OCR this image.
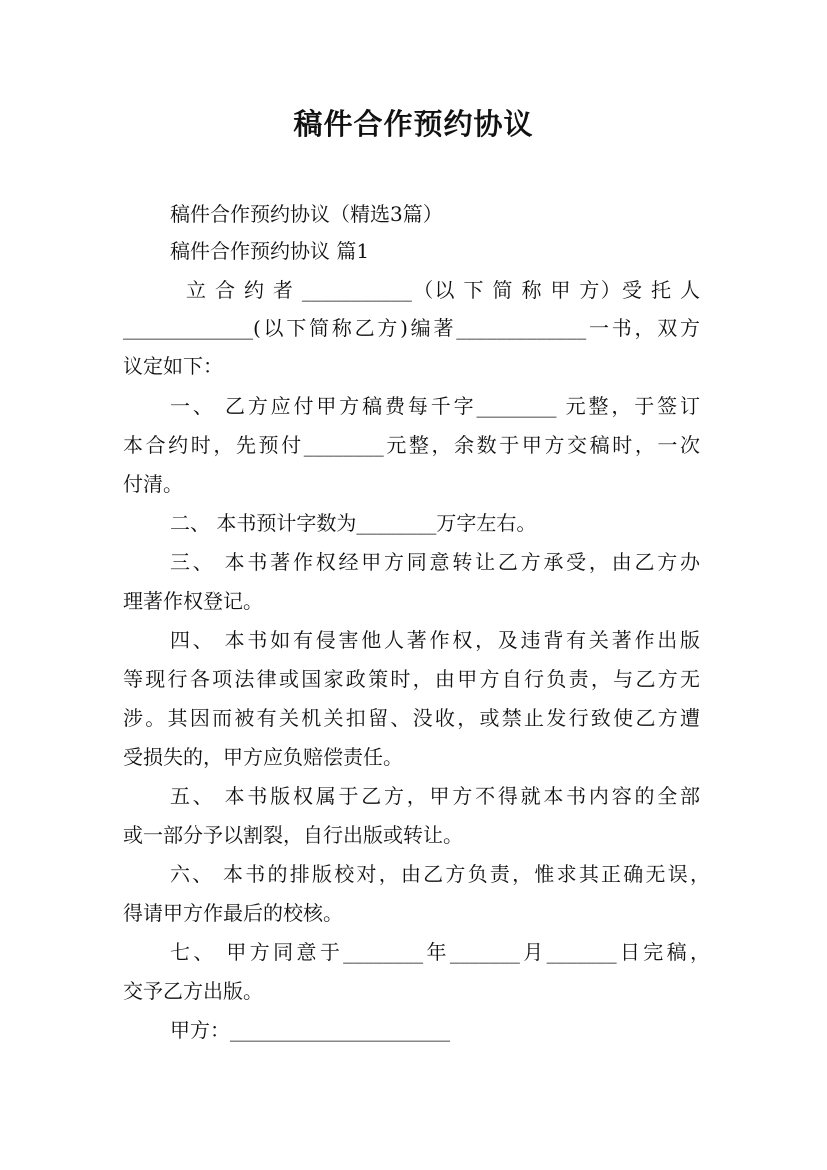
稿件合作预约协议
稿件合作预约协议（精选3篇）
稿件合作预约协议 篇1
立 合 约 者 ___________（以 下 简 称 甲 方）受 托 人
_____________(以下简称乙方)编著_____________一书，双方
议定如下：
一、 乙方应付甲方稿费每千字________ 元整，于签订
本合约时，先预付________元整，余数于甲方交稿时，一次
付清。
二、 本书预计字数为________万字左右。
三、 本书著作权经甲方同意转让乙方承受，由乙方办
理著作权登记。
四、 本书如有侵害他人著作权，及违背有关著作出版
等现行各项法律或国家政策时，由甲方自行负责，与乙方无
涉。其因而被有关机关扣留、没收，或禁止发行致使乙方遭
受损失的，甲方应负赔偿责任。
五、 本书版权属于乙方，甲方不得就本书内容的全部
或一部分予以割裂，自行出版或转让。
六、 本书的排版校对，由乙方负责，惟求其正确无误，
得请甲方作最后的校核。
七、 甲方同意于________年_______月_______日完稿，
交予乙方出版。
甲方：______________________
